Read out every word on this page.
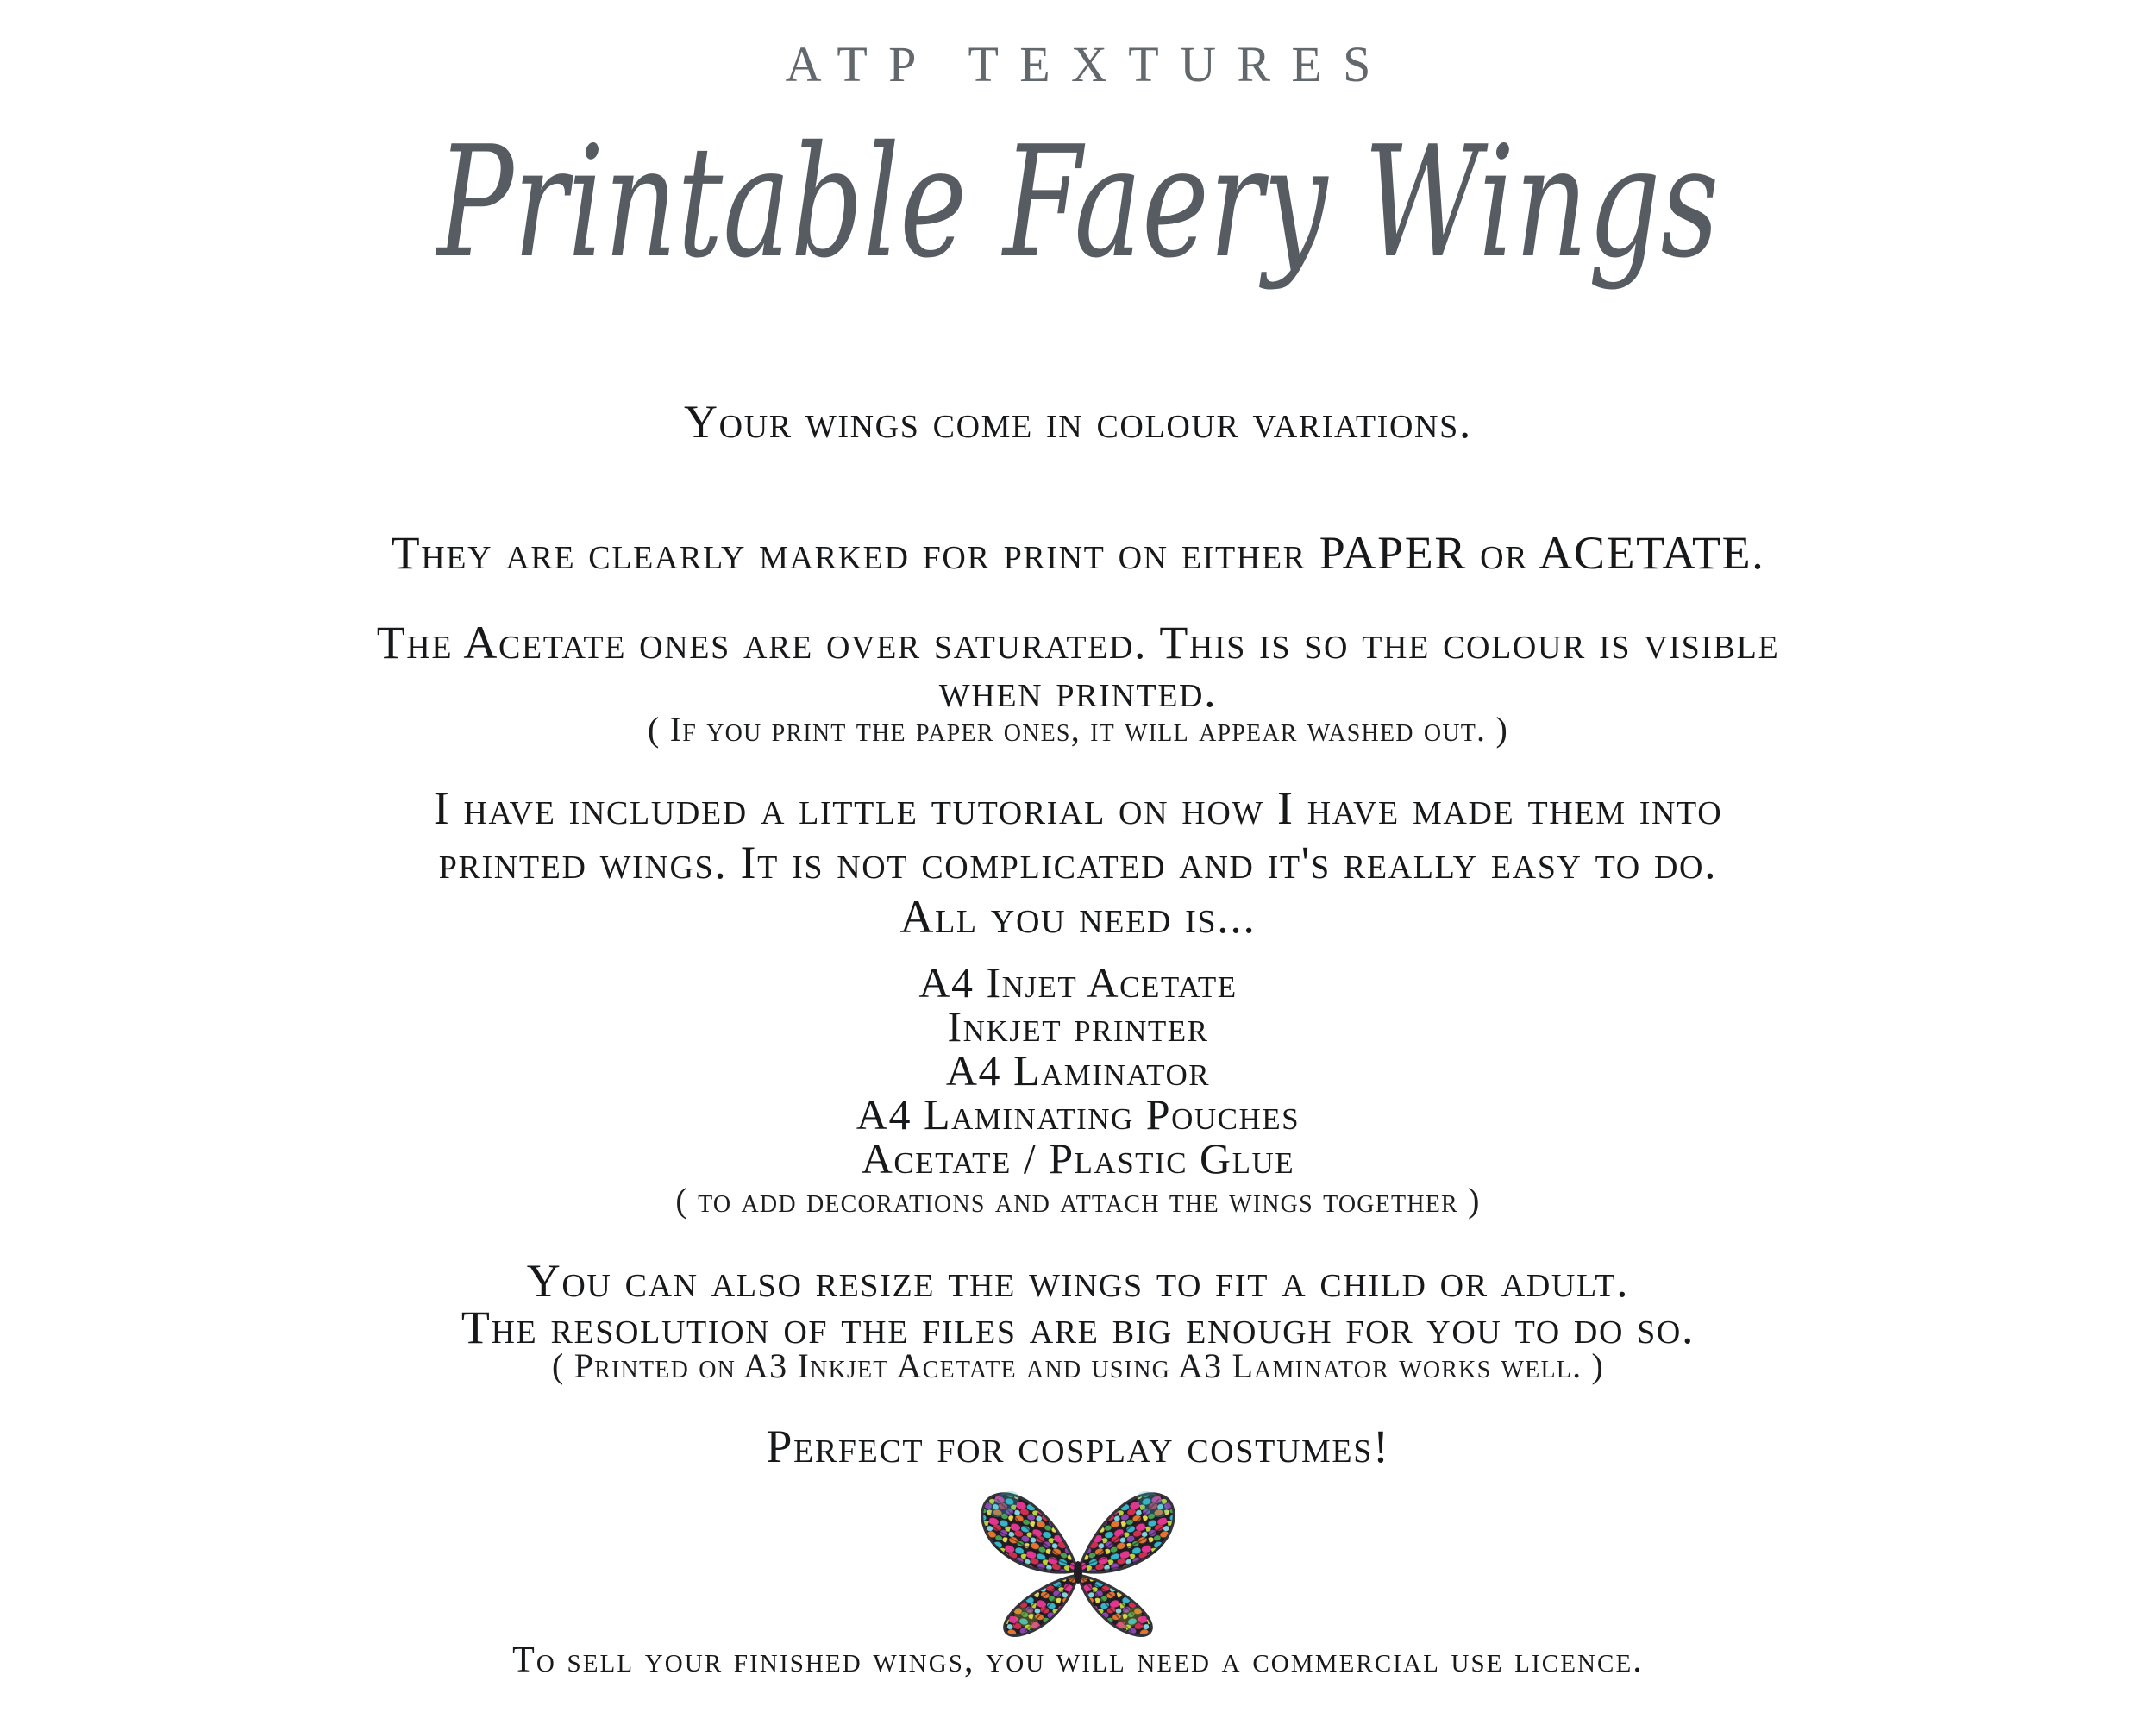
ATP TEXTURES
Printable Faery Wings
Your wings come in colour variations.
They are clearly marked for print on either PAPER or ACETATE.
The Acetate ones are over saturated. This is so the colour is visible
when printed.
( If you print the paper ones, it will appear washed out. )
I have included a little tutorial on how I have made them into
printed wings. It is not complicated and it's really easy to do.
All you need is...
A4 Injet Acetate
Inkjet printer
A4 Laminator
A4 Laminating Pouches
Acetate / Plastic Glue
( to add decorations and attach the wings together )
You can also resize the wings to fit a child or adult.
The resolution of the files are big enough for you to do so.
( Printed on A3 Inkjet Acetate and using A3 Laminator works well. )
Perfect for cosplay costumes!
To sell your finished wings, you will need a commercial use licence.
